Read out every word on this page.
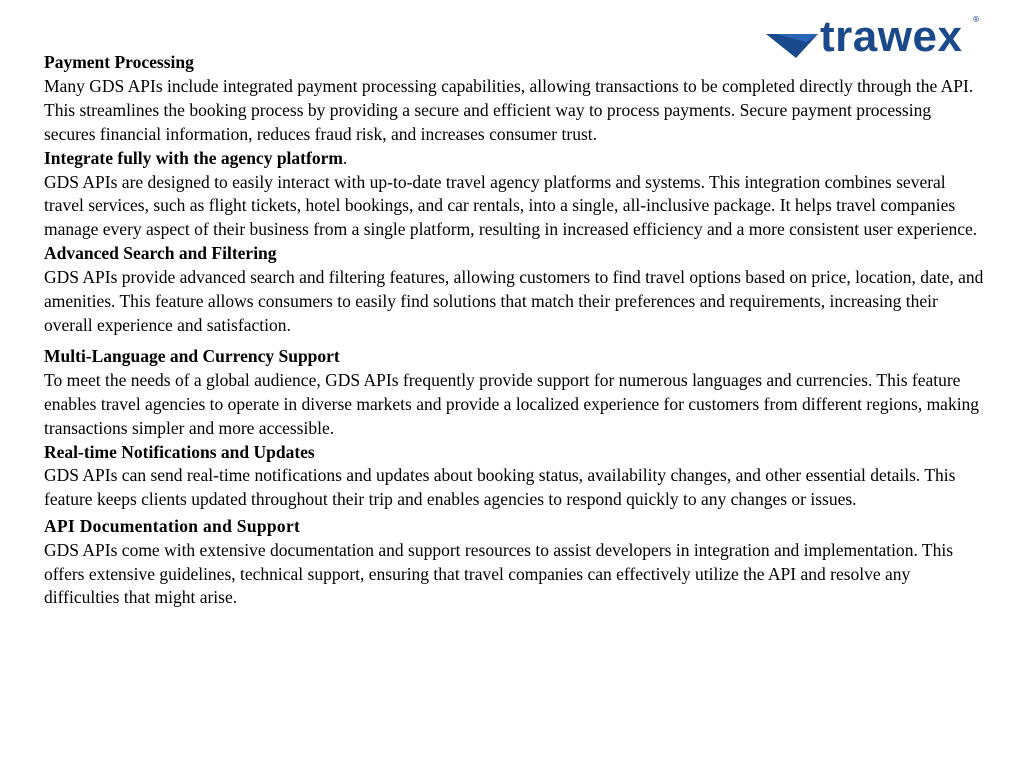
trawex ®
Payment Processing

Many GDS APIs include integrated payment processing capabilities, allowing transactions to be completed directly through the API. This streamlines the booking process by providing a secure and efficient way to process payments. Secure payment processing secures financial information, reduces fraud risk, and increases consumer trust.

Integrate fully with the agency platform.

GDS APIs are designed to easily interact with up-to-date travel agency platforms and systems. This integration combines several travel services, such as flight tickets, hotel bookings, and car rentals, into a single, all-inclusive package. It helps travel companies manage every aspect of their business from a single platform, resulting in increased efficiency and a more consistent user experience.

Advanced Search and Filtering

GDS APIs provide advanced search and filtering features, allowing customers to find travel options based on price, location, date, and amenities. This feature allows consumers to easily find solutions that match their preferences and requirements, increasing their overall experience and satisfaction.

Multi-Language and Currency Support

To meet the needs of a global audience, GDS APIs frequently provide support for numerous languages and currencies. This feature enables travel agencies to operate in diverse markets and provide a localized experience for customers from different regions, making transactions simpler and more accessible.

Real-time Notifications and Updates

GDS APIs can send real-time notifications and updates about booking status, availability changes, and other essential details. This feature keeps clients updated throughout their trip and enables agencies to respond quickly to any changes or issues.

API Documentation and Support

GDS APIs come with extensive documentation and support resources to assist developers in integration and implementation. This offers extensive guidelines, technical support, ensuring that travel companies can effectively utilize the API and resolve any difficulties that might arise.
